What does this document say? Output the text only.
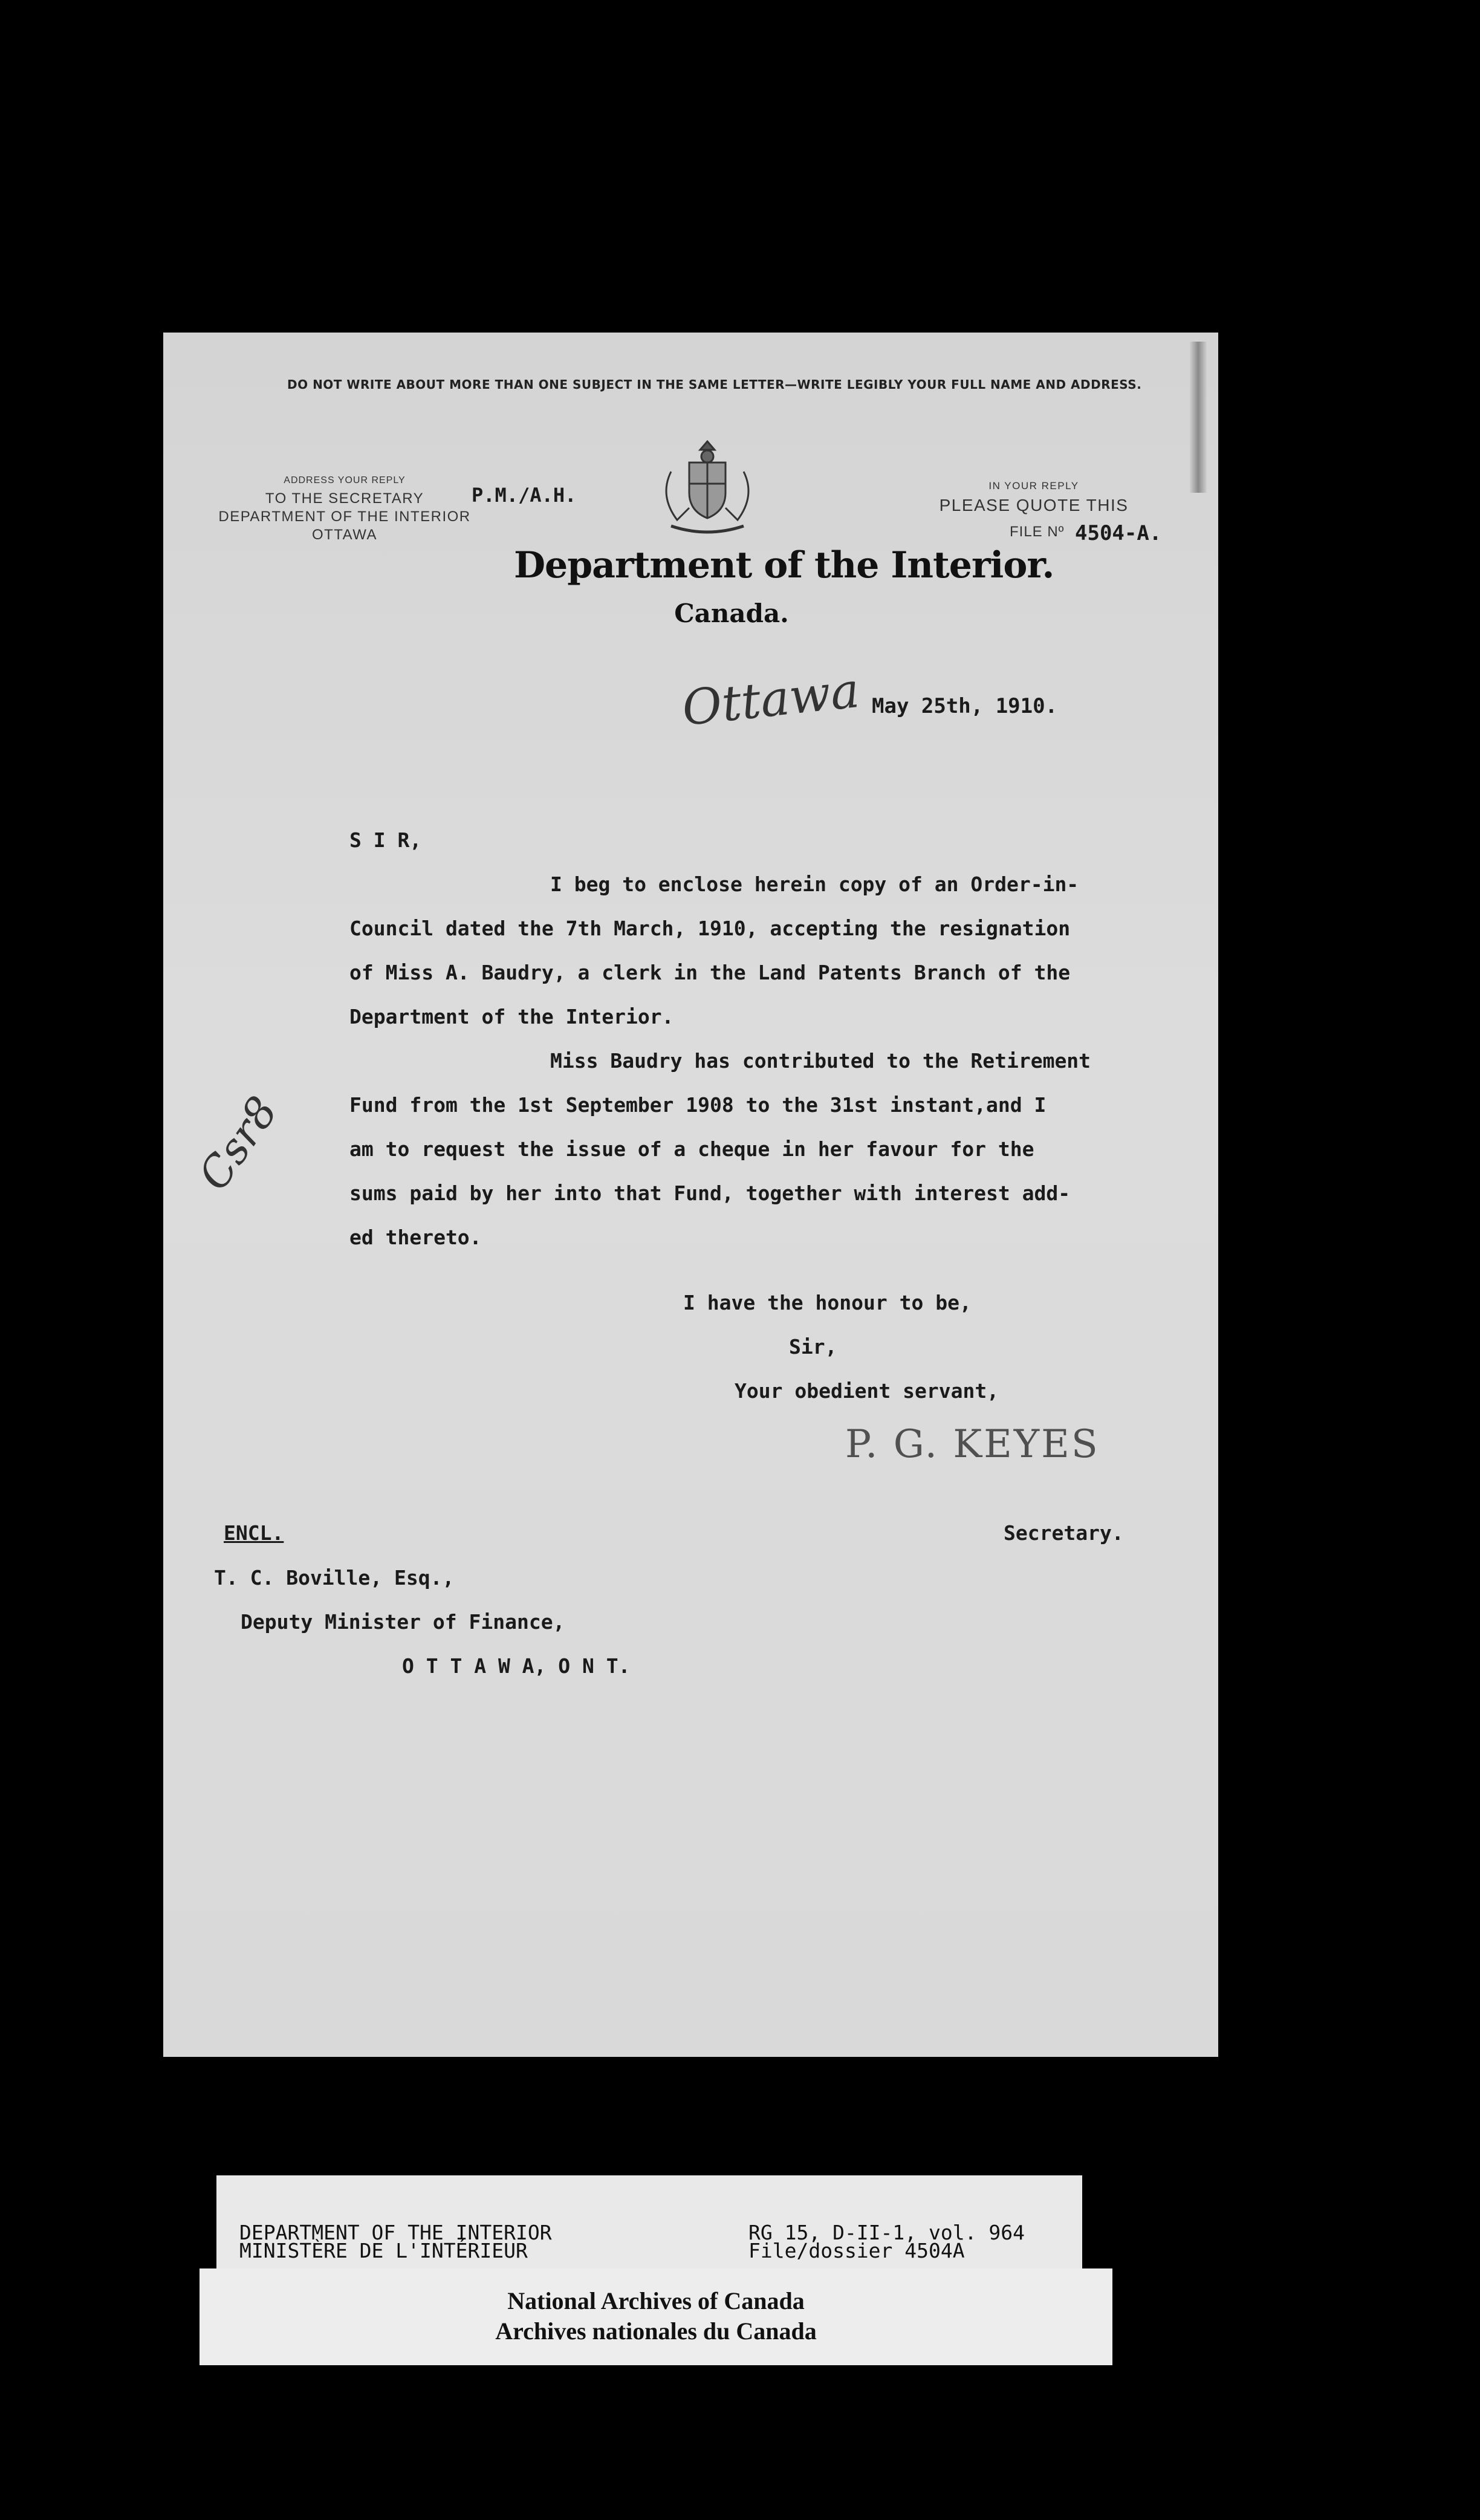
DO NOT WRITE ABOUT MORE THAN ONE SUBJECT IN THE SAME LETTER—WRITE LEGIBLY YOUR FULL NAME AND ADDRESS.
ADDRESS YOUR REPLY
TO THE SECRETARY
DEPARTMENT OF THE INTERIOR
OTTAWA
P.M./A.H.	IN YOUR REPLY
PLEASE QUOTE THIS
FILE Nº 4504-A.
Department of the Interior.
Canada.
Ottawa May 25th, 1910.
S I R,
I beg to enclose herein copy of an Order-in-
Council dated the 7th March, 1910, accepting the resignation
of Miss A. Baudry, a clerk in the Land Patents Branch of the
Department of the Interior.
Miss Baudry has contributed to the Retirement
Fund from the 1st September 1908 to the 31st instant,and I
am to request the issue of a cheque in her favour for the
sums paid by her into that Fund, together with interest add-
ed thereto.
Csr8
I have the honour to be,
Sir,
Your obedient servant,
P. G. KEYES
Secretary.
ENCL.
T. C. Boville, Esq.,
Deputy Minister of Finance,
O T T A W A, O N T.
DEPARTMENT OF THE INTERIOR
MINISTÈRE DE L'INTÉRIEUR
RG 15, D-II-1, vol. 964
File/dossier 4504A
National Archives of Canada
Archives nationales du Canada
